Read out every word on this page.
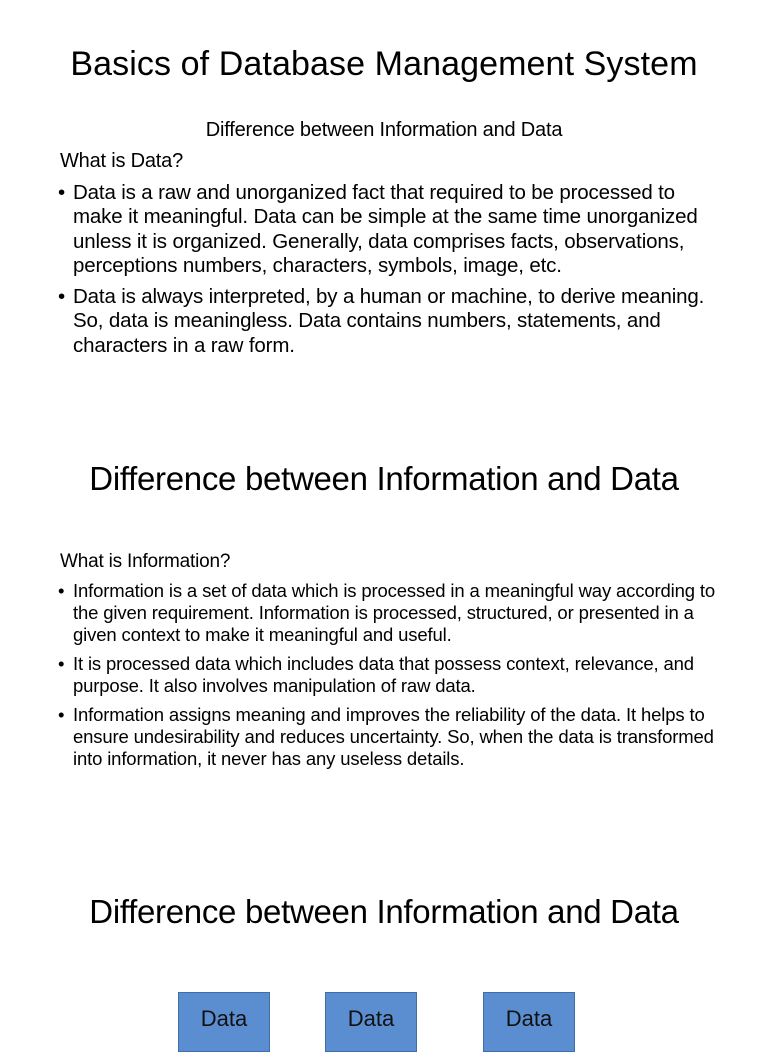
Basics of Database Management System
Difference between Information and Data
What is Data?
• Data is a raw and unorganized fact that required to be processed to make it meaningful. Data can be simple at the same time unorganized unless it is organized. Generally, data comprises facts, observations, perceptions numbers, characters, symbols, image, etc.
• Data is always interpreted, by a human or machine, to derive meaning. So, data is meaningless. Data contains numbers, statements, and characters in a raw form.
Difference between Information and Data
What is Information?
• Information is a set of data which is processed in a meaningful way according to the given requirement. Information is processed, structured, or presented in a given context to make it meaningful and useful.
• It is processed data which includes data that possess context, relevance, and purpose. It also involves manipulation of raw data.
• Information assigns meaning and improves the reliability of the data. It helps to ensure undesirability and reduces uncertainty. So, when the data is transformed into information, it never has any useless details.
Difference between Information and Data
Data	Data	Data
